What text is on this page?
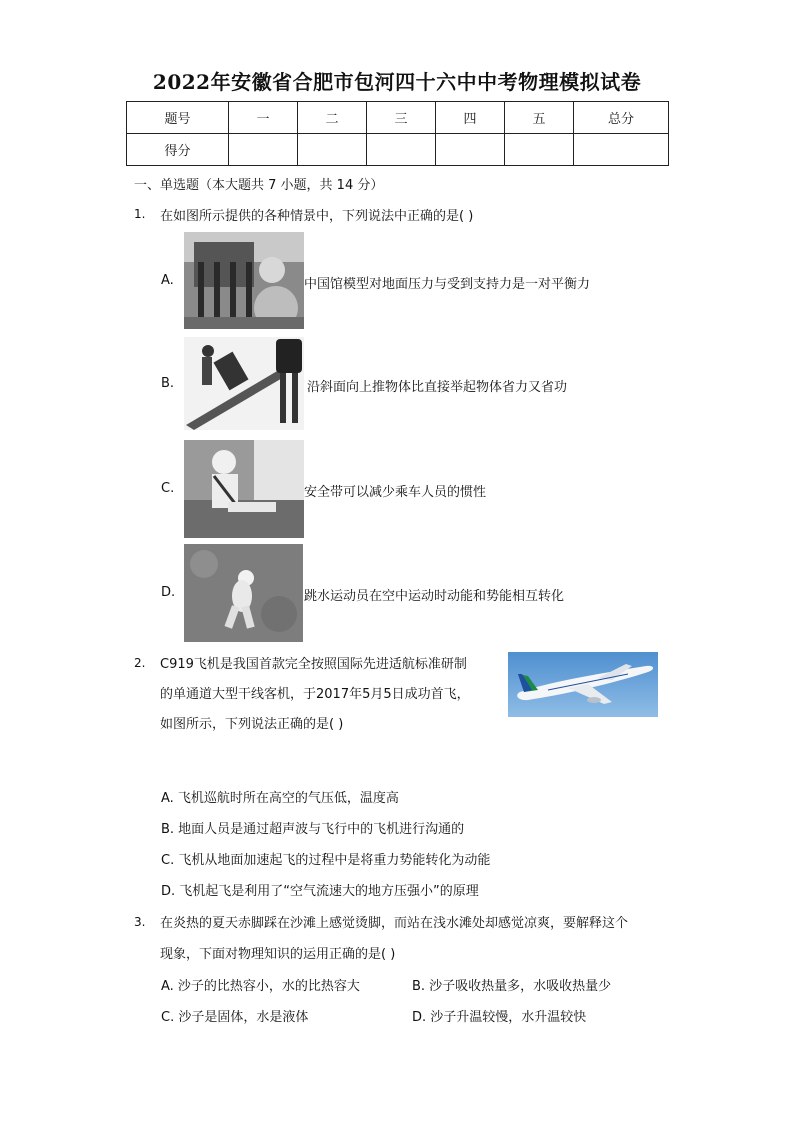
2022年安徽省合肥市包河四十六中中考物理模拟试卷
题号	一	二	三	四	五	总分
得分						
一、单选题（本大题共 7 小题，共 14 分）
1. 在如图所示提供的各种情景中，下列说法中正确的是( )
A.	中国馆模型对地面压力与受到支持力是一对平衡力
B.	沿斜面向上推物体比直接举起物体省力又省功
C.	安全带可以减少乘车人员的惯性
D.	跳水运动员在空中运动时动能和势能相互转化
2. C919飞机是我国首款完全按照国际先进适航标准研制
的单通道大型干线客机，于2017年5月5日成功首飞，
如图所示，下列说法正确的是( )
A. 飞机巡航时所在高空的气压低，温度高
B. 地面人员是通过超声波与飞行中的飞机进行沟通的
C. 飞机从地面加速起飞的过程中是将重力势能转化为动能
D. 飞机起飞是利用了“空气流速大的地方压强小”的原理
3. 在炎热的夏天赤脚踩在沙滩上感觉烫脚，而站在浅水滩处却感觉凉爽，要解释这个
现象，下面对物理知识的运用正确的是( )
A. 沙子的比热容小，水的比热容大	B. 沙子吸收热量多，水吸收热量少
C. 沙子是固体，水是液体	D. 沙子升温较慢，水升温较快
